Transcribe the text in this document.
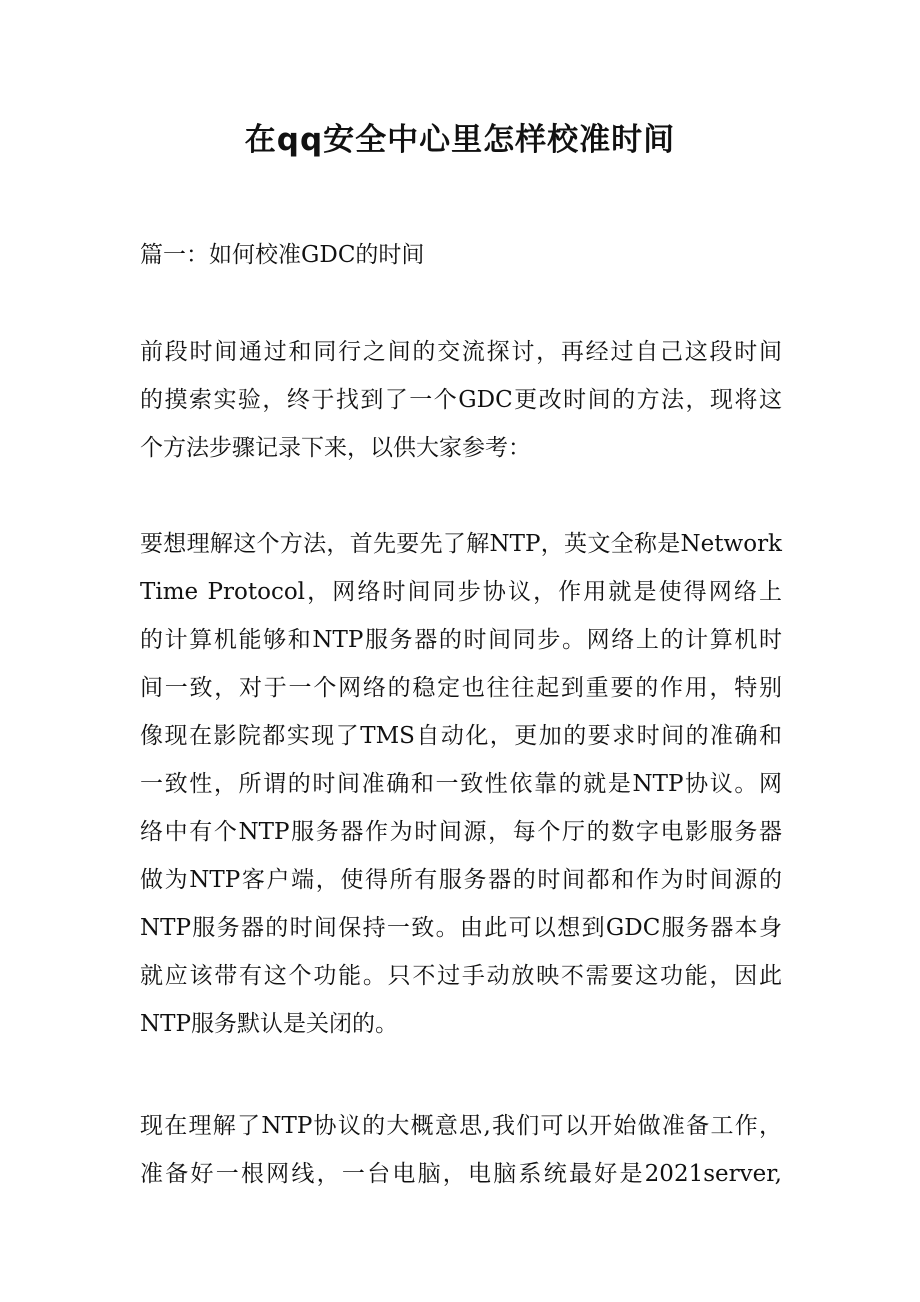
在qq安全中心里怎样校准时间
篇一：如何校准GDC的时间
前段时间通过和同行之间的交流探讨，再经过自己这段时间
的摸索实验，终于找到了一个GDC更改时间的方法，现将这
个方法步骤记录下来，以供大家参考：
要想理解这个方法，首先要先了解NTP，英文全称是Network
Time Protocol，网络时间同步协议，作用就是使得网络上
的计算机能够和NTP服务器的时间同步。网络上的计算机时
间一致，对于一个网络的稳定也往往起到重要的作用，特别
像现在影院都实现了TMS自动化，更加的要求时间的准确和
一致性，所谓的时间准确和一致性依靠的就是NTP协议。网
络中有个NTP服务器作为时间源，每个厅的数字电影服务器
做为NTP客户端，使得所有服务器的时间都和作为时间源的
NTP服务器的时间保持一致。由此可以想到GDC服务器本身
就应该带有这个功能。只不过手动放映不需要这功能，因此
NTP服务默认是关闭的。
现在理解了NTP协议的大概意思,我们可以开始做准备工作，
准备好一根网线，一台电脑，电脑系统最好是2021server,
